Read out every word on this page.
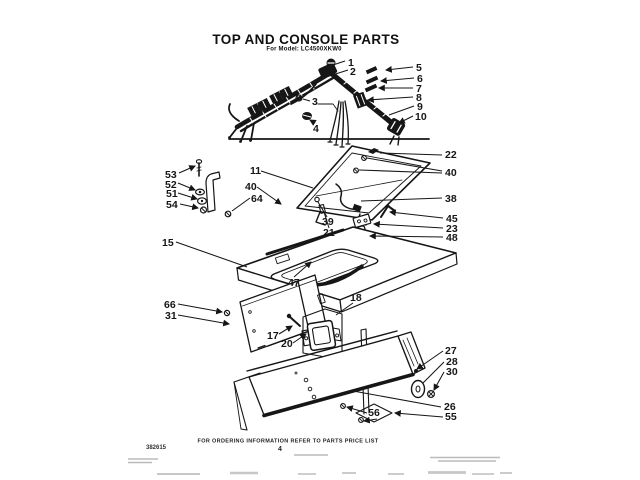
TOP AND CONSOLE PARTS
For Model: LC4500XKW0
1
2
3
4
5
6
7
8
9
10
22
40
38
45
23
48
53
52
51
54
11
40
64
15
39
21
47
66
31
18
17
20
27
28
30
26
55
56
382615
FOR ORDERING INFORMATION REFER TO PARTS PRICE LIST
4
